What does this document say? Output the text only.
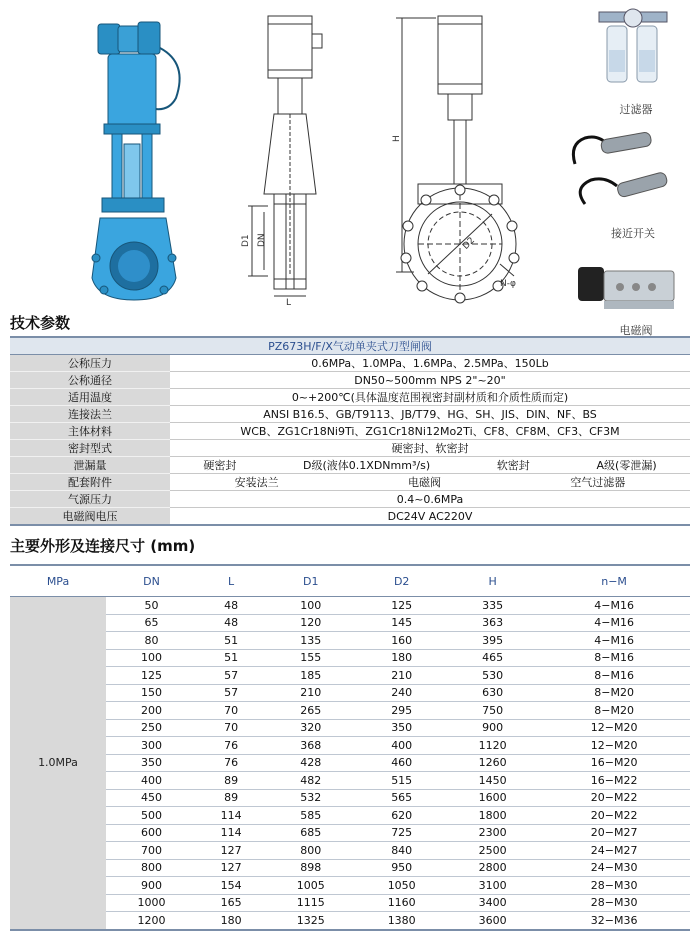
D1 DN
L
H
D2
N-φ
过滤器
接近开关
电磁阀
技术参数
PZ673H/F/X气动单夹式刀型闸阀	
公称压力	0.6MPa、1.0MPa、1.6MPa、2.5MPa、150Lb
公称通径	DN50~500mm NPS 2"~20"
适用温度	0~+200℃(具体温度范围视密封副材质和介质性质而定)
连接法兰	ANSI B16.5、GB/T9113、JB/T79、HG、SH、JIS、DIN、NF、BS
主体材料	WCB、ZG1Cr18Ni9Ti、ZG1Cr18Ni12Mo2Ti、CF8、CF8M、CF3、CF3M
密封型式	硬密封、软密封
泄漏量	硬密封 D级(液体0.1XDNmm³/s) 软密封 A级(零泄漏)

配套附件	安装法兰 电磁阀 空气过滤器

气源压力	0.4~0.6MPa
电磁阀电压	DC24V AC220V
主要外形及连接尺寸 (mm)
MPa	DN	L	D1	D2	H	n−M
1.0MPa	50	48	100	125	335	4−M16
	65	48	120	145	363	4−M16
	80	51	135	160	395	4−M16
	100	51	155	180	465	8−M16
	125	57	185	210	530	8−M16
	150	57	210	240	630	8−M20
	200	70	265	295	750	8−M20
	250	70	320	350	900	12−M20
	300	76	368	400	1120	12−M20
	350	76	428	460	1260	16−M20
	400	89	482	515	1450	16−M22
	450	89	532	565	1600	20−M22
	500	114	585	620	1800	20−M22
	600	114	685	725	2300	20−M27
	700	127	800	840	2500	24−M27
	800	127	898	950	2800	24−M30
	900	154	1005	1050	3100	28−M30
	1000	165	1115	1160	3400	28−M30
	1200	180	1325	1380	3600	32−M36
